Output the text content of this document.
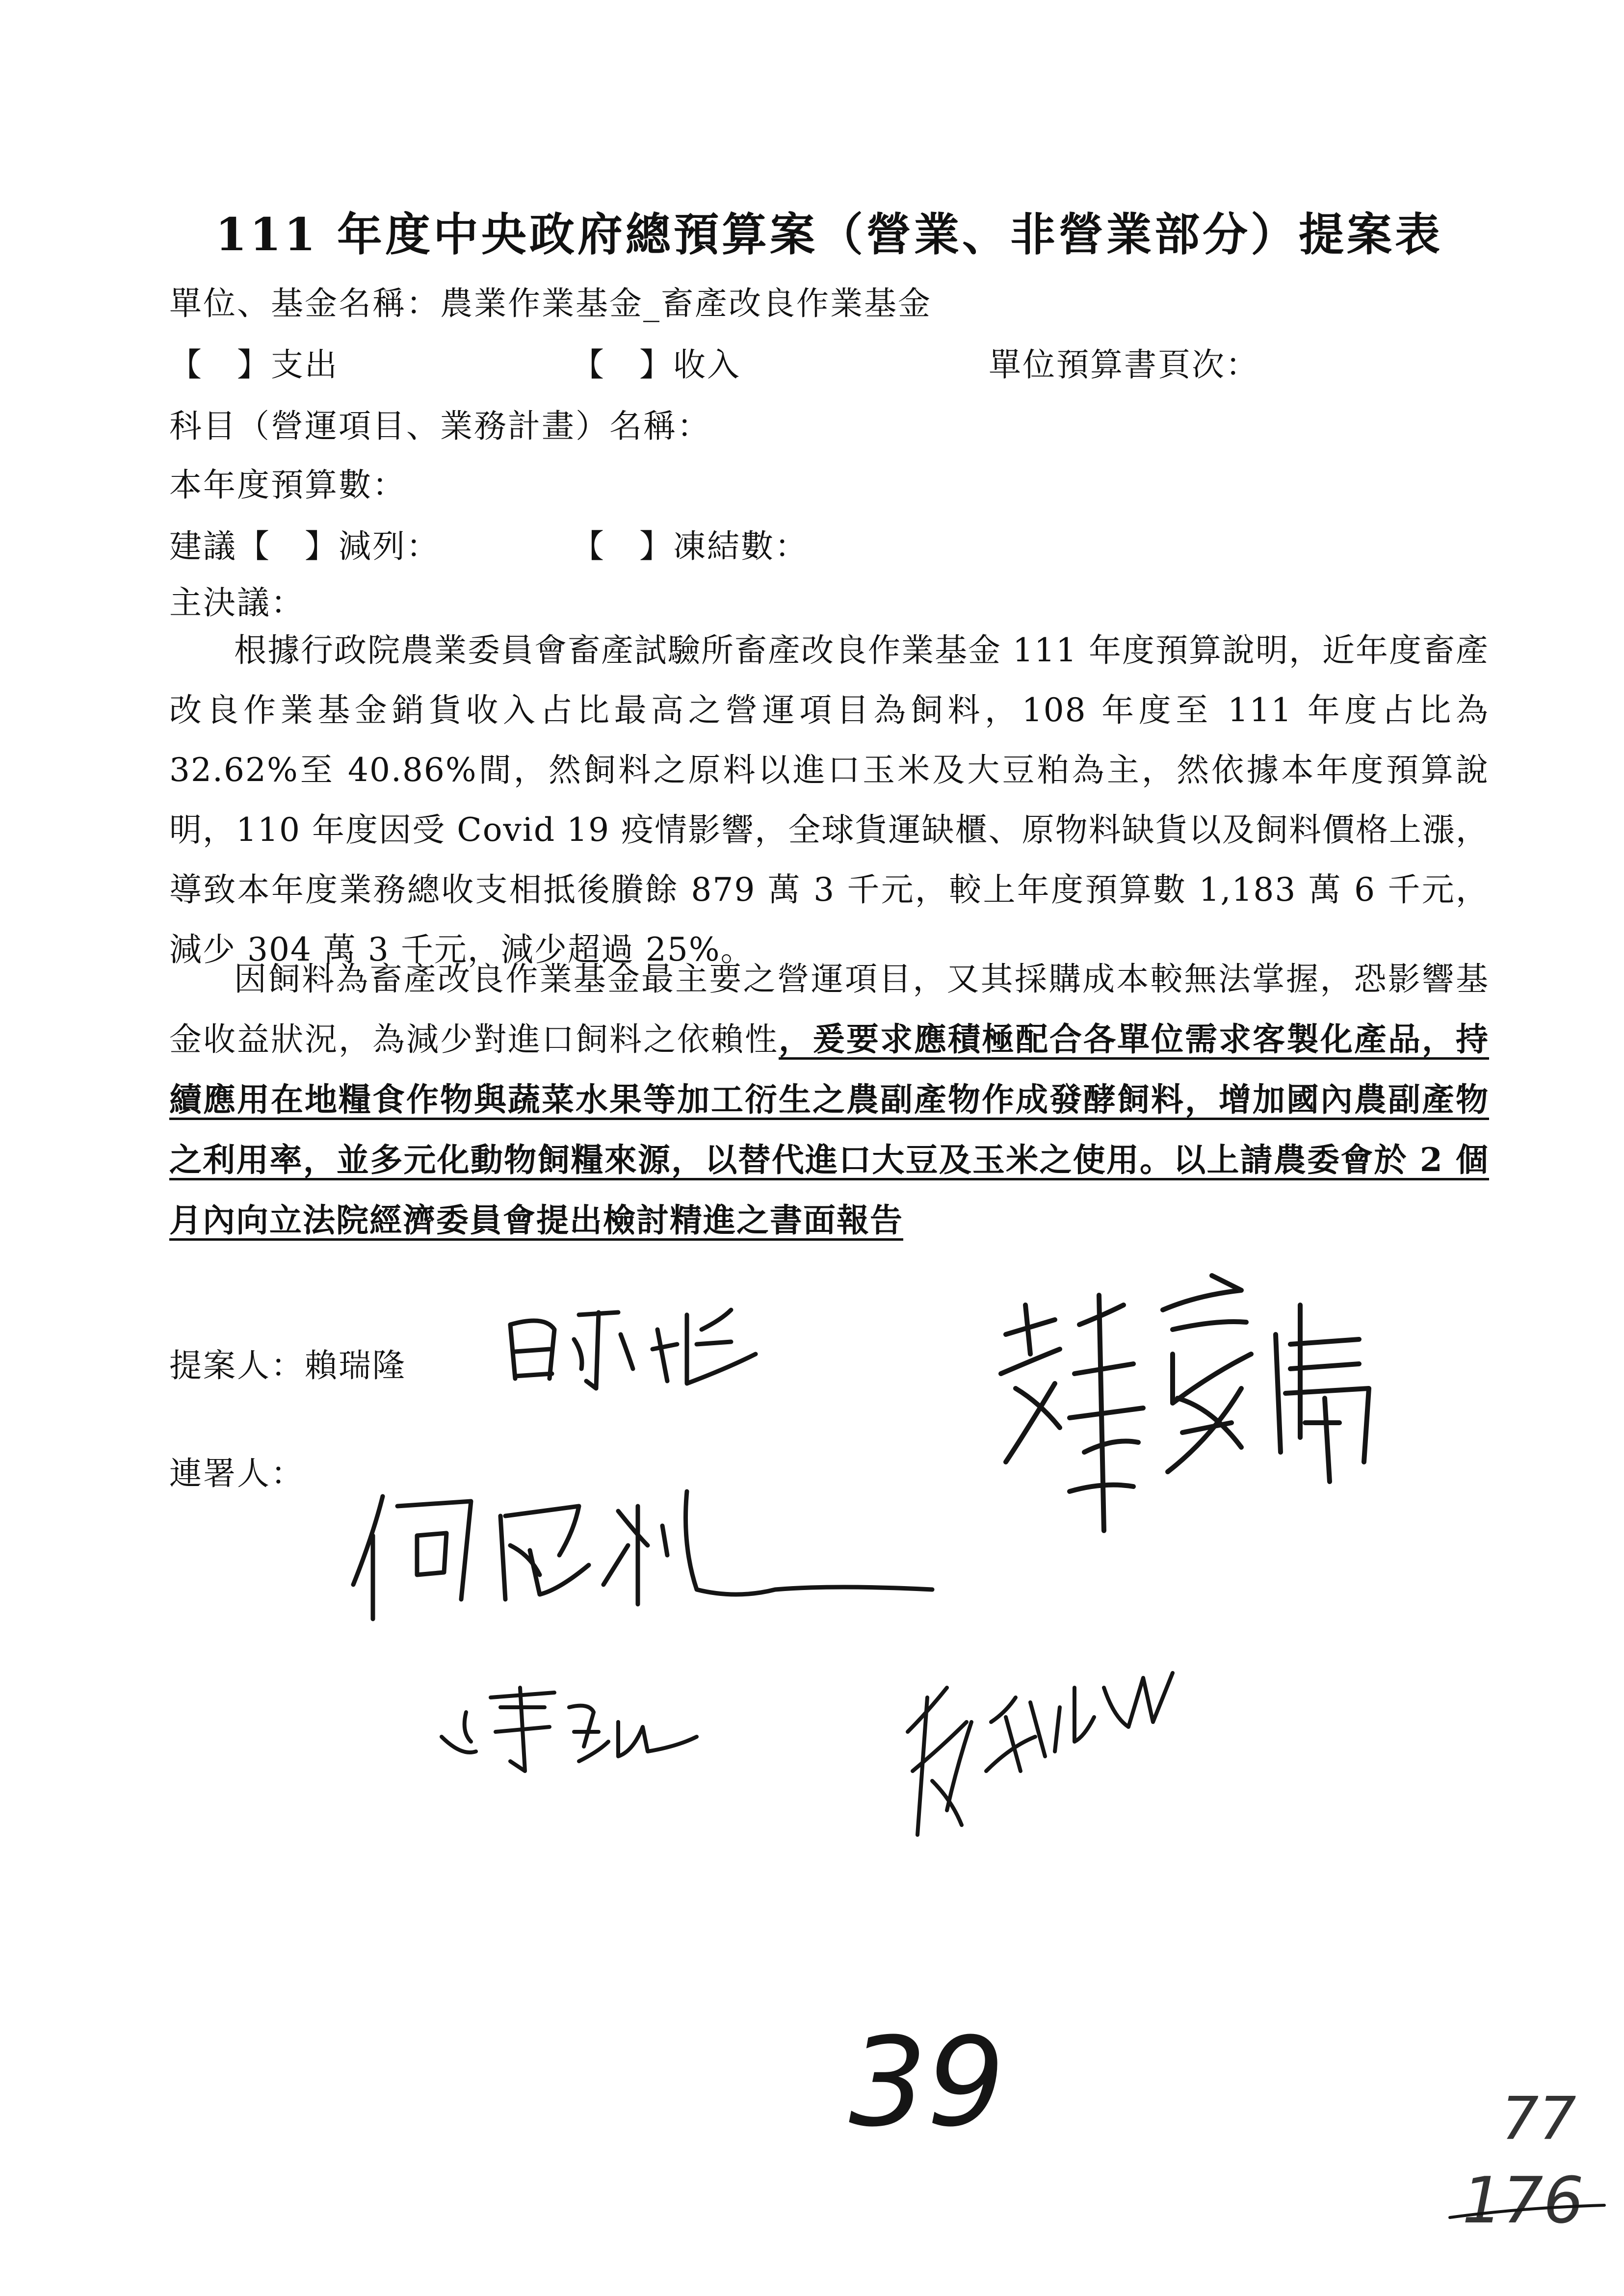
111 年度中央政府總預算案（營業、非營業部分）提案表
單位、基金名稱：農業作業基金_畜產改良作業基金
【　】支出	【　】收入	單位預算書頁次：
科目（營運項目、業務計畫）名稱：
本年度預算數：
建議【　】減列：	【　】凍結數：
主決議：
根據行政院農業委員會畜產試驗所畜產改良作業基金 111 年度預算說明，近年度畜產改良作業基金銷貨收入占比最高之營運項目為飼料，108 年度至 111 年度占比為 32.62%至 40.86%間，然飼料之原料以進口玉米及大豆粕為主，然依據本年度預算說明，110 年度因受 Covid 19 疫情影響，全球貨運缺櫃、原物料缺貨以及飼料價格上漲，導致本年度業務總收支相抵後賸餘 879 萬 3 千元，較上年度預算數 1,183 萬 6 千元，減少 304 萬 3 千元，減少超過 25%。
因飼料為畜產改良作業基金最主要之營運項目，又其採購成本較無法掌握，恐影響基金收益狀況，為減少對進口飼料之依賴性，爰要求應積極配合各單位需求客製化產品，持續應用在地糧食作物與蔬菜水果等加工衍生之農副產物作成發酵飼料，增加國內農副產物之利用率，並多元化動物飼糧來源，以替代進口大豆及玉米之使用。以上請農委會於 2 個月內向立法院經濟委員會提出檢討精進之書面報告
提案人：賴瑞隆
連署人：
39	77
176
